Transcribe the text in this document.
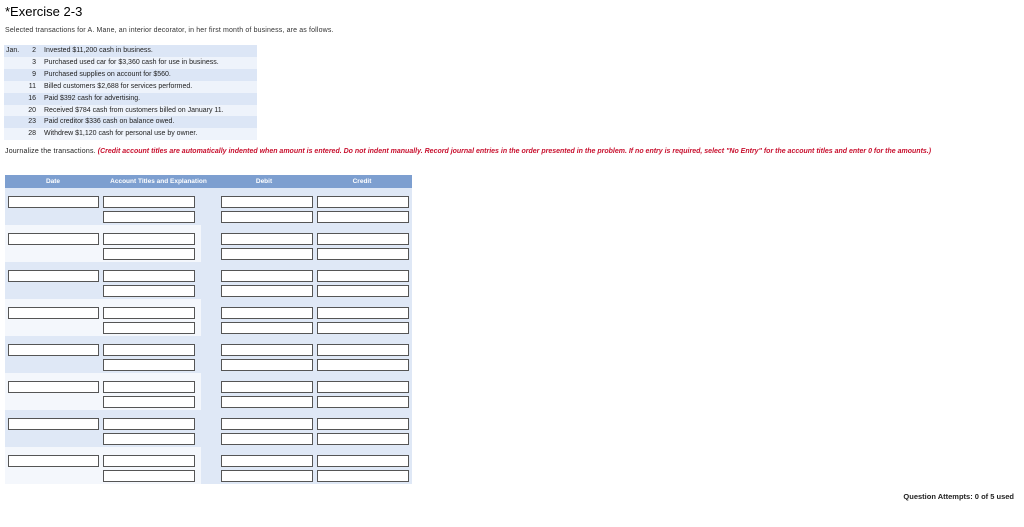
*Exercise 2-3
Selected transactions for A. Mane, an interior decorator, in her first month of business, are as follows.
Jan.	2	Invested $11,200 cash in business.
	3	Purchased used car for $3,360 cash for use in business.
	9	Purchased supplies on account for $560.
	11	Billed customers $2,688 for services performed.
	16	Paid $392 cash for advertising.
	20	Received $784 cash from customers billed on January 11.
	23	Paid creditor $336 cash on balance owed.
	28	Withdrew $1,120 cash for personal use by owner.
Journalize the transactions. (Credit account titles are automatically indented when amount is entered. Do not indent manually. Record journal entries in the order presented in the problem. If no entry is required, select "No Entry" for the account titles and enter 0 for the amounts.)
Date	Account Titles and Explanation	Debit	Credit
Question Attempts: 0 of 5 used
